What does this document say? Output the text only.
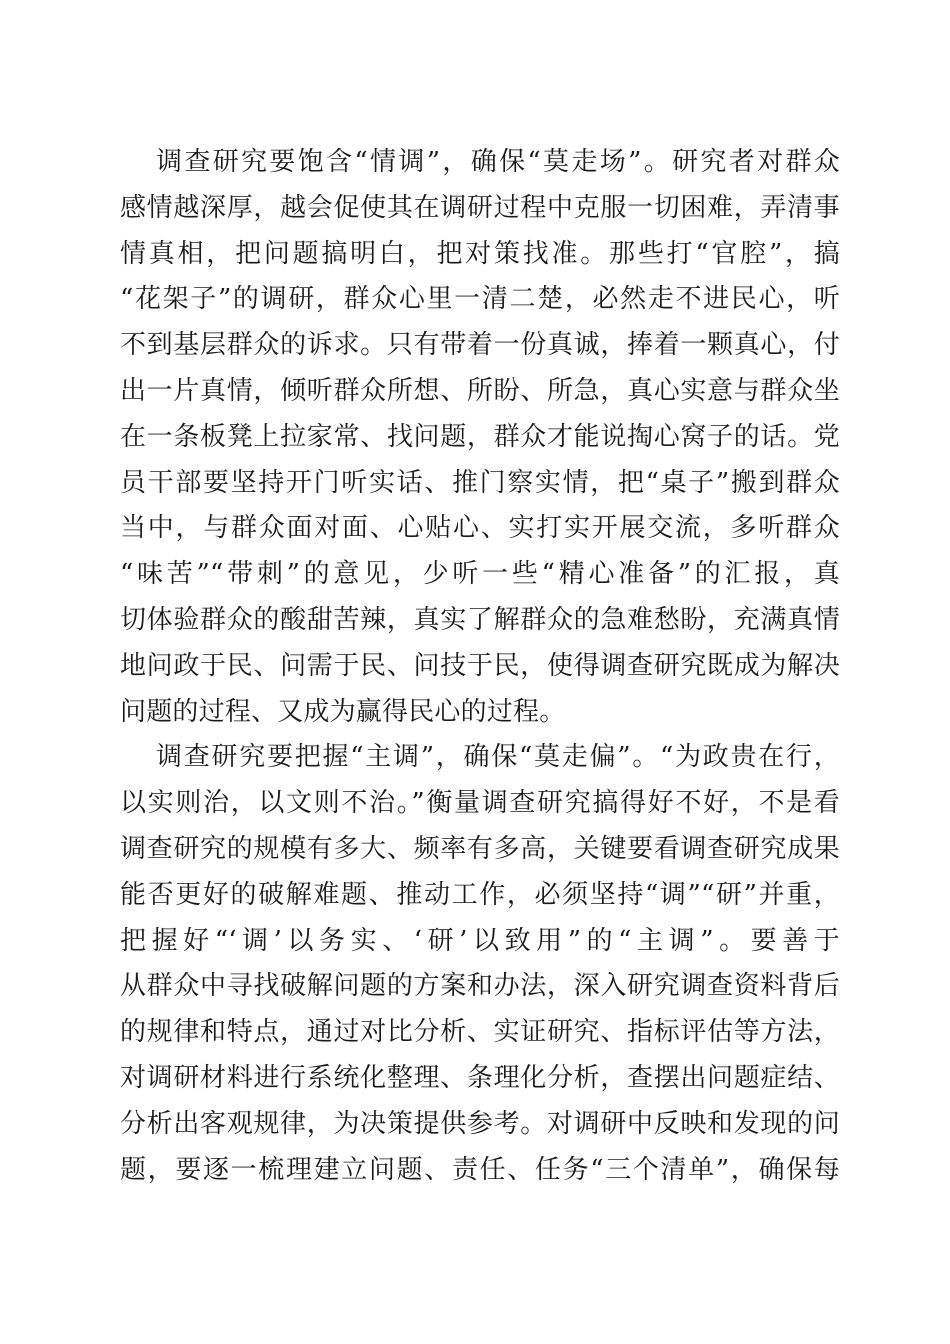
调查研究要饱含“情调”，确保“莫走场”。研究者对群众
感情越深厚，越会促使其在调研过程中克服一切困难，弄清事
情真相，把问题搞明白，把对策找准。那些打“官腔”，搞
“花架子”的调研，群众心里一清二楚，必然走不进民心，听
不到基层群众的诉求。只有带着一份真诚，捧着一颗真心，付
出一片真情，倾听群众所想、所盼、所急，真心实意与群众坐
在一条板凳上拉家常、找问题，群众才能说掏心窝子的话。党
员干部要坚持开门听实话、推门察实情，把“桌子”搬到群众
当中，与群众面对面、心贴心、实打实开展交流，多听群众
“味苦”“带刺”的意见，少听一些“精心准备”的汇报，真
切体验群众的酸甜苦辣，真实了解群众的急难愁盼，充满真情
地问政于民、问需于民、问技于民，使得调查研究既成为解决
问题的过程、又成为赢得民心的过程。
调查研究要把握“主调”，确保“莫走偏”。“为政贵在行，
以实则治，以文则不治。”衡量调查研究搞得好不好，不是看
调查研究的规模有多大、频率有多高，关键要看调查研究成果
能否更好的破解难题、推动工作，必须坚持“调”“研”并重，
把握好“‘调’以务实、‘研’以致用”的“主调”。要善于
从群众中寻找破解问题的方案和办法，深入研究调查资料背后
的规律和特点，通过对比分析、实证研究、指标评估等方法，
对调研材料进行系统化整理、条理化分析，查摆出问题症结、
分析出客观规律，为决策提供参考。对调研中反映和发现的问
题，要逐一梳理建立问题、责任、任务“三个清单”，确保每
